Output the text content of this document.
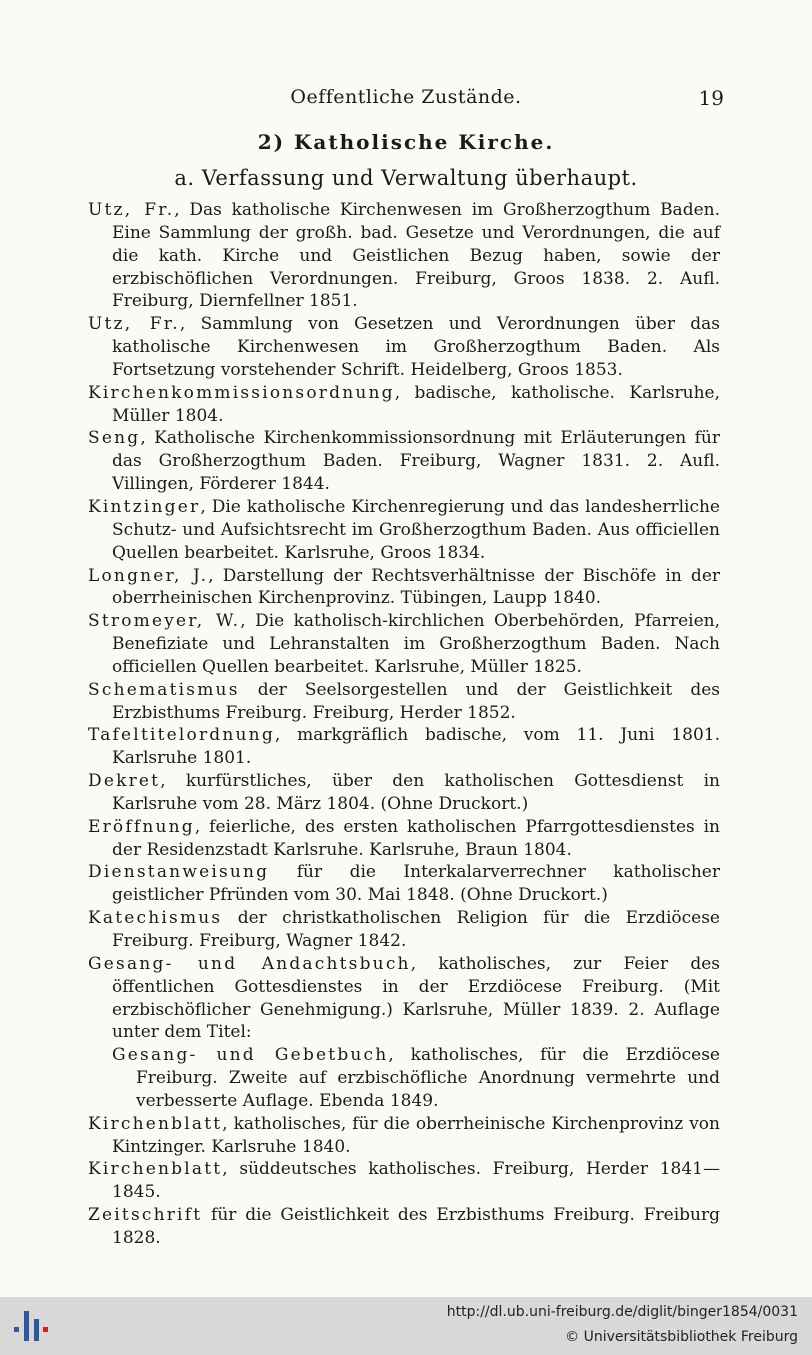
Oeffentliche Zustände.	19
2) Katholische Kirche.
a. Verfassung und Verwaltung überhaupt.

Utz, Fr., Das katholische Kirchenwesen im Großherzogthum Baden. Eine Sammlung der großh. bad. Gesetze und Verordnungen, die auf die kath. Kirche und Geistlichen Bezug haben, sowie der erzbischöflichen Verordnungen. Freiburg, Groos 1838. 2. Aufl. Freiburg, Diernfellner 1851.

Utz, Fr., Sammlung von Gesetzen und Verordnungen über das katholische Kirchenwesen im Großherzogthum Baden. Als Fortsetzung vorstehender Schrift. Heidelberg, Groos 1853.

Kirchenkommissionsordnung, badische, katholische. Karlsruhe, Müller 1804.

Seng, Katholische Kirchenkommissionsordnung mit Erläuterungen für das Großherzogthum Baden. Freiburg, Wagner 1831. 2. Aufl. Villingen, Förderer 1844.

Kintzinger, Die katholische Kirchenregierung und das landesherrliche Schutz- und Aufsichtsrecht im Großherzogthum Baden. Aus officiellen Quellen bearbeitet. Karlsruhe, Groos 1834.

Longner, J., Darstellung der Rechtsverhältnisse der Bischöfe in der oberrheinischen Kirchenprovinz. Tübingen, Laupp 1840.

Stromeyer, W., Die katholisch-kirchlichen Oberbehörden, Pfarreien, Benefiziate und Lehranstalten im Großherzogthum Baden. Nach officiellen Quellen bearbeitet. Karlsruhe, Müller 1825.

Schematismus der Seelsorgestellen und der Geistlichkeit des Erzbisthums Freiburg. Freiburg, Herder 1852.

Tafeltitelordnung, markgräflich badische, vom 11. Juni 1801. Karlsruhe 1801.

Dekret, kurfürstliches, über den katholischen Gottesdienst in Karlsruhe vom 28. März 1804. (Ohne Druckort.)

Eröffnung, feierliche, des ersten katholischen Pfarrgottesdienstes in der Residenzstadt Karlsruhe. Karlsruhe, Braun 1804.

Dienstanweisung für die Interkalarverrechner katholischer geistlicher Pfründen vom 30. Mai 1848. (Ohne Druckort.)

Katechismus der christkatholischen Religion für die Erzdiöcese Freiburg. Freiburg, Wagner 1842.

Gesang- und Andachtsbuch, katholisches, zur Feier des öffentlichen Gottesdienstes in der Erzdiöcese Freiburg. (Mit erzbischöflicher Genehmigung.) Karlsruhe, Müller 1839. 2. Auflage unter dem Titel:

Gesang- und Gebetbuch, katholisches, für die Erzdiöcese Freiburg. Zweite auf erzbischöfliche Anordnung vermehrte und verbesserte Auflage. Ebenda 1849.

Kirchenblatt, katholisches, für die oberrheinische Kirchenprovinz von Kintzinger. Karlsruhe 1840.

Kirchenblatt, süddeutsches katholisches. Freiburg, Herder 1841—1845.

Zeitschrift für die Geistlichkeit des Erzbisthums Freiburg. Freiburg 1828.

http://dl.ub.uni-freiburg.de/diglit/binger1854/0031
© Universitätsbibliothek Freiburg
